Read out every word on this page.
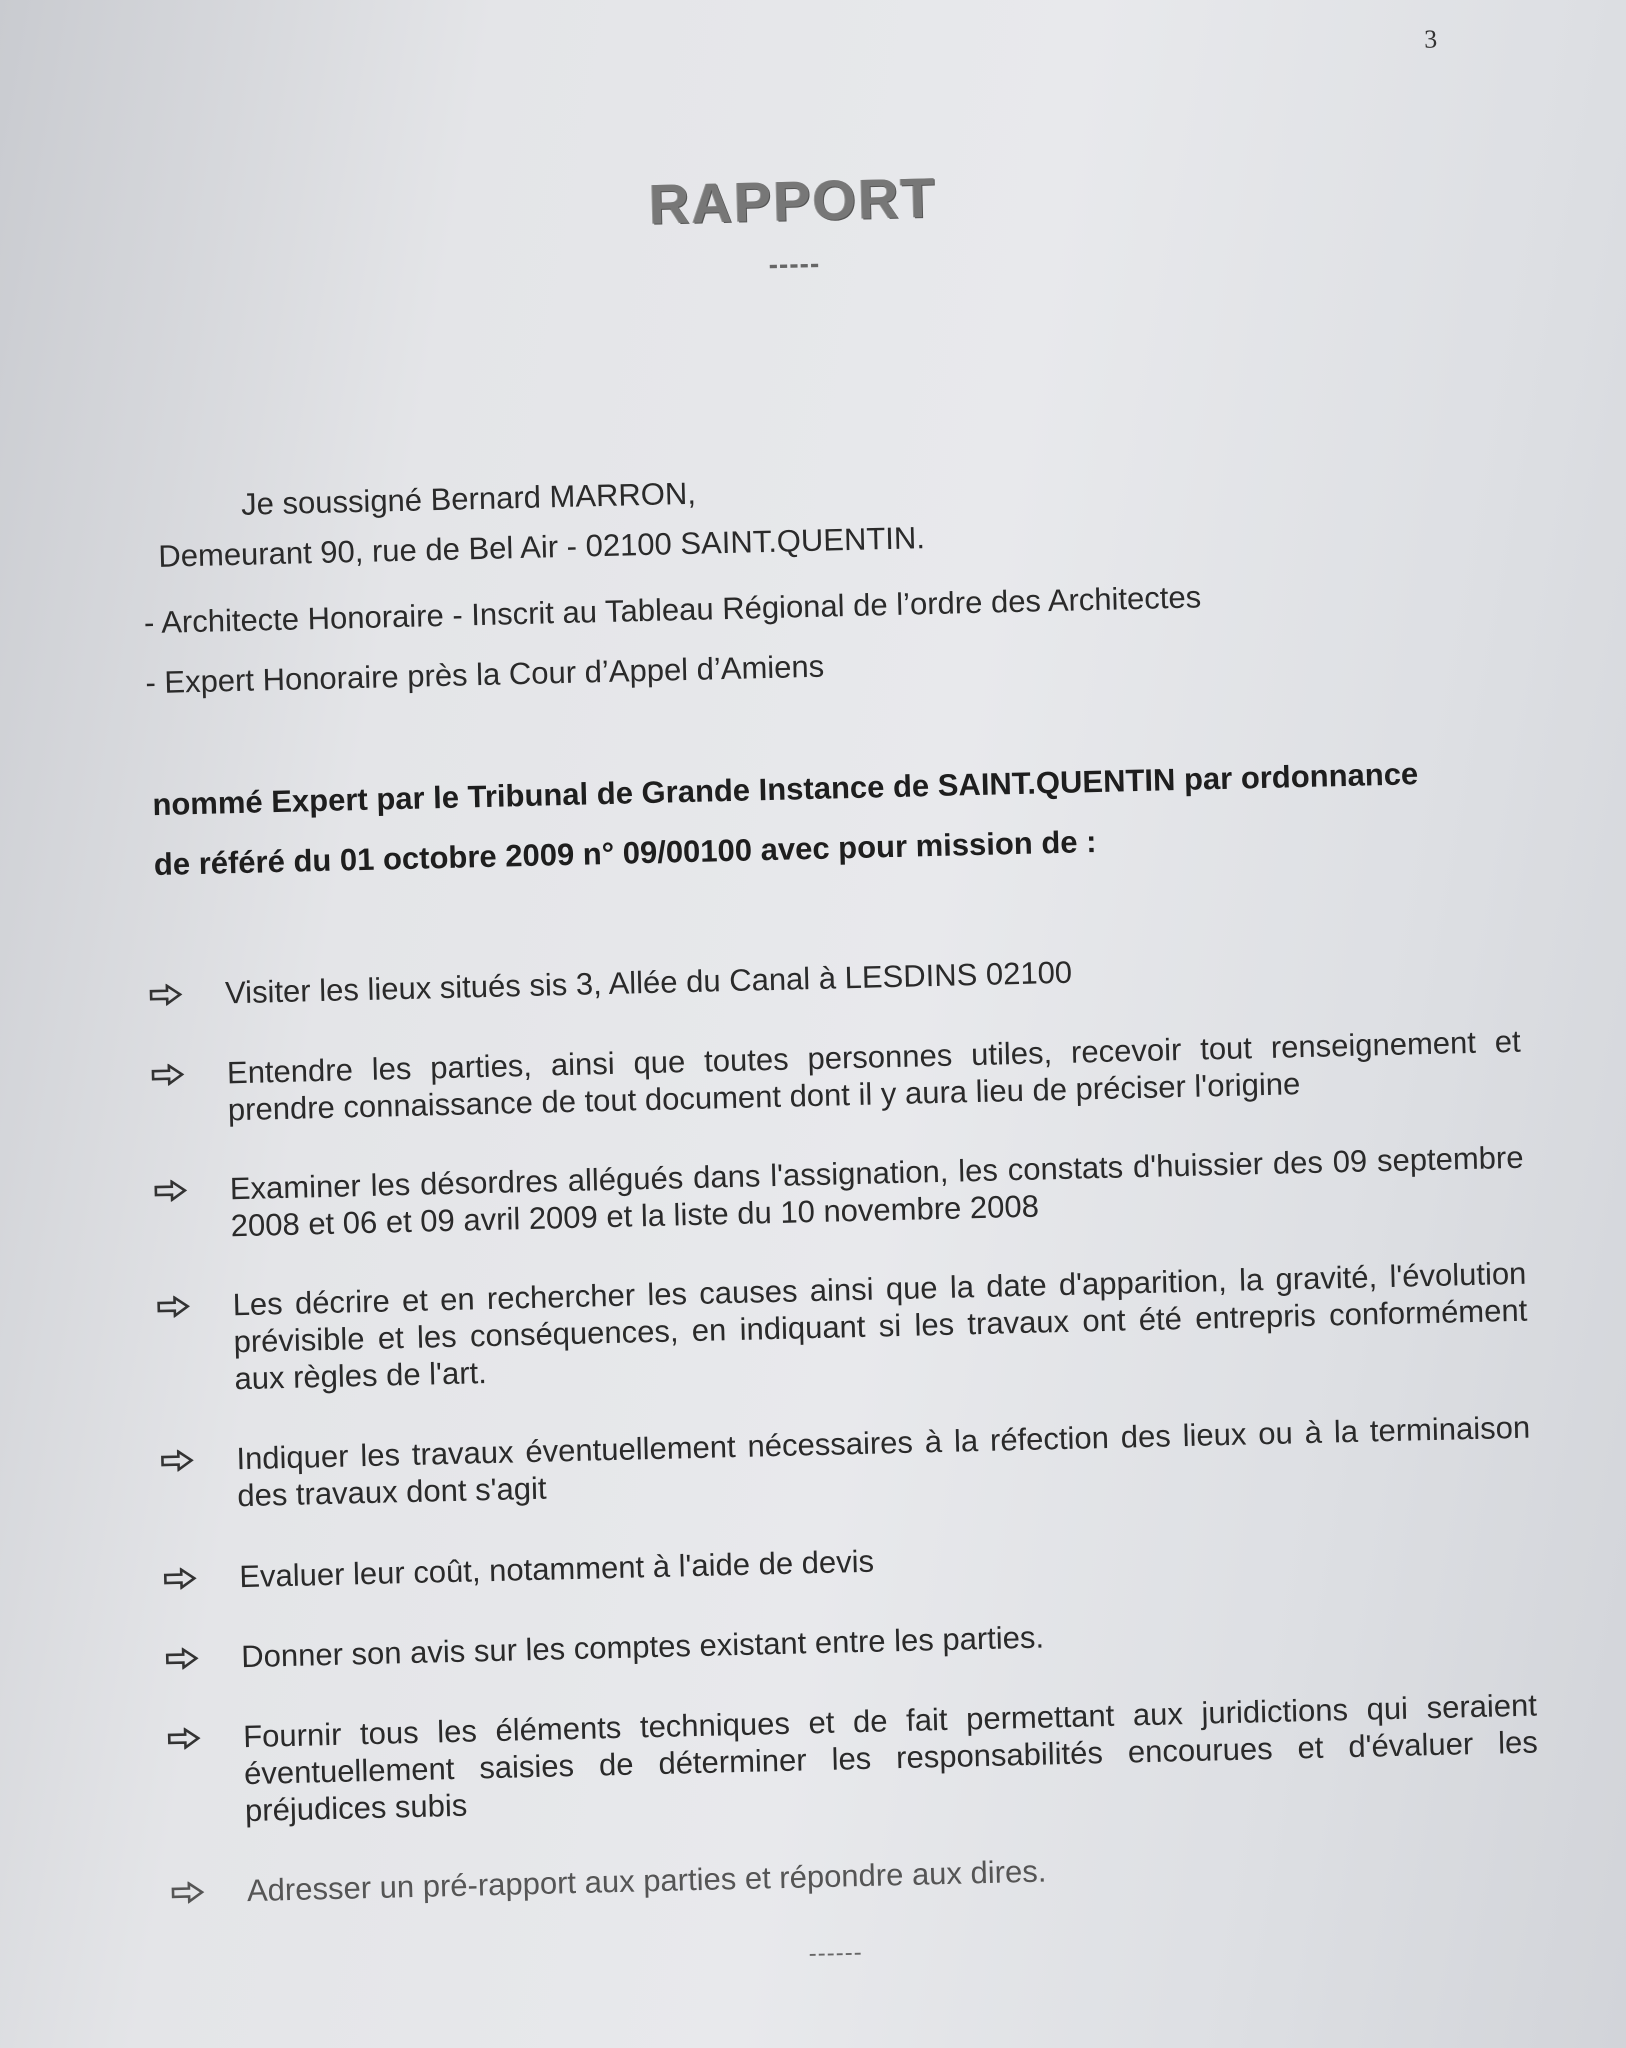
3
RAPPORT
-----
Je soussigné Bernard MARRON,
Demeurant 90, rue de Bel Air - 02100 SAINT.QUENTIN.
- Architecte Honoraire - Inscrit au Tableau Régional de l’ordre des Architectes
- Expert Honoraire près la Cour d’Appel d’Amiens
nommé Expert par le Tribunal de Grande Instance de SAINT.QUENTIN par ordonnance
de référé du 01 octobre 2009 n° 09/00100 avec pour mission de :
Visiter les lieux situés sis 3, Allée du Canal à LESDINS 02100
Entendre les parties, ainsi que toutes personnes utiles, recevoir tout renseignement et prendre connaissance de tout document dont il y aura lieu de préciser l'origine
Examiner les désordres allégués dans l'assignation, les constats d'huissier des 09 septembre 2008 et 06 et 09 avril 2009 et la liste du 10 novembre 2008
Les décrire et en rechercher les causes ainsi que la date d'apparition, la gravité, l'évolution prévisible et les conséquences, en indiquant si les travaux ont été entrepris conformément aux règles de l'art.
Indiquer les travaux éventuellement nécessaires à la réfection des lieux ou à la terminaison des travaux dont s'agit
Evaluer leur coût, notamment à l'aide de devis
Donner son avis sur les comptes existant entre les parties.
Fournir tous les éléments techniques et de fait permettant aux juridictions qui seraient éventuellement saisies de déterminer les responsabilités encourues et d'évaluer les préjudices subis
Adresser un pré-rapport aux parties et répondre aux dires.
------
